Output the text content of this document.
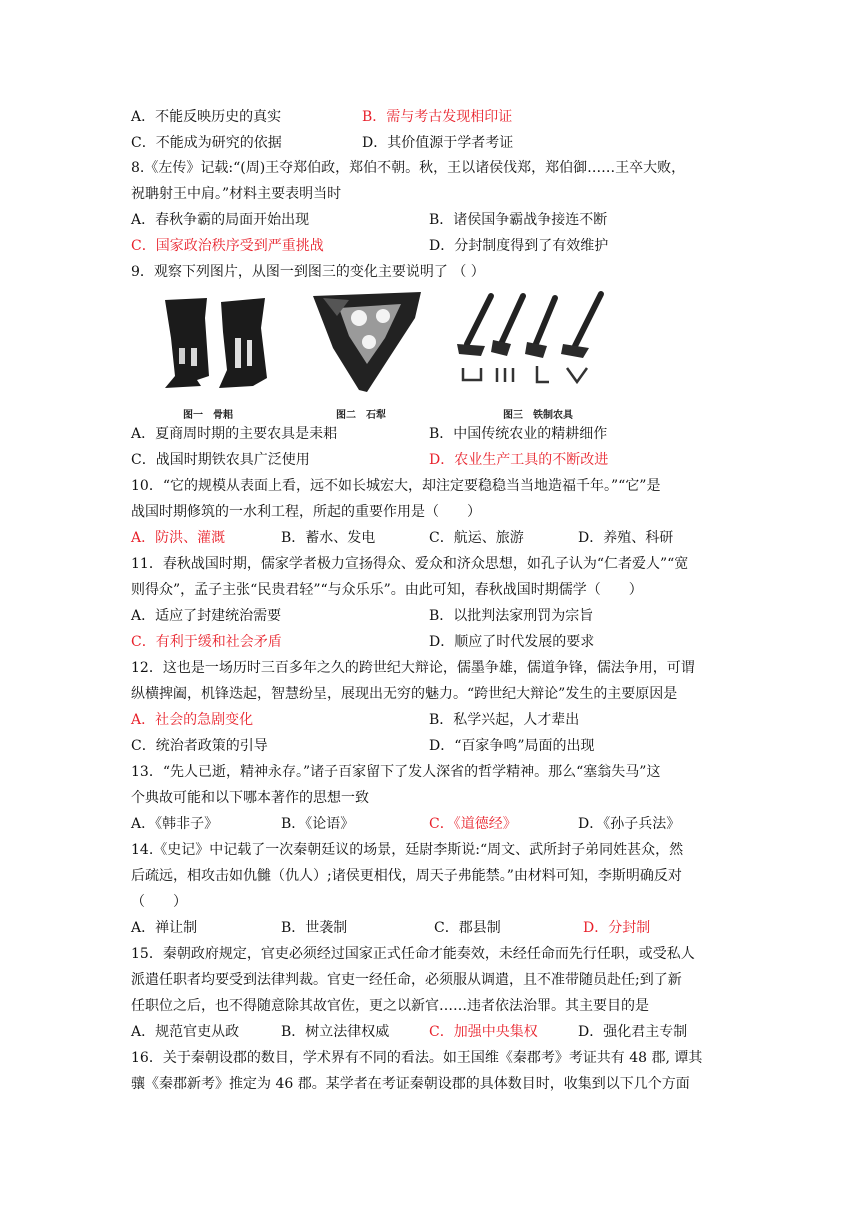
A．不能反映历史的真实	B．需与考古发现相印证
C．不能成为研究的依据	D．其价值源于学者考证
8.《左传》记载:“(周)王夺郑伯政，郑伯不朝。秋，王以诸侯伐郑，郑伯御……王卒大败，
祝聃射王中肩。”材料主要表明当时
A．春秋争霸的局面开始出现	B．诸侯国争霸战争接连不断
C．国家政治秩序受到严重挑战	D．分封制度得到了有效维护
9．观察下列图片，从图一到图三的变化主要说明了 （ ）
图一　骨耜	图二　石犁	图三　铁制农具
A．夏商周时期的主要农具是耒耜	B．中国传统农业的精耕细作
C．战国时期铁农具广泛使用	D．农业生产工具的不断改进
10．“它的规模从表面上看，远不如长城宏大，却注定要稳稳当当地造福千年。”“它”是
战国时期修筑的一水利工程，所起的重要作用是（　　）
A．防洪、灌溉	B．蓄水、发电	C．航运、旅游	D．养殖、科研
11．春秋战国时期，儒家学者极力宣扬得众、爱众和济众思想，如孔子认为“仁者爱人”“宽
则得众”，孟子主张“民贵君轻”“与众乐乐”。由此可知，春秋战国时期儒学（　　）
A．适应了封建统治需要	B．以批判法家刑罚为宗旨
C．有利于缓和社会矛盾	D．顺应了时代发展的要求
12．这也是一场历时三百多年之久的跨世纪大辩论，儒墨争雄，儒道争锋，儒法争用，可谓
纵横捭阖，机锋迭起，智慧纷呈，展现出无穷的魅力。“跨世纪大辩论”发生的主要原因是
A．社会的急剧变化	B．私学兴起，人才辈出
C．统治者政策的引导	D．“百家争鸣”局面的出现
13．“先人已逝，精神永存。”诸子百家留下了发人深省的哲学精神。那么“塞翁失马”这
个典故可能和以下哪本著作的思想一致
A．《韩非子》	B．《论语》	C．《道德经》	D．《孙子兵法》
14.《史记》中记载了一次秦朝廷议的场景，廷尉李斯说:“周文、武所封子弟同姓甚众，然
后疏远，相攻击如仇雠（仇人）;诸侯更相伐，周天子弗能禁。”由材料可知，李斯明确反对
（　　）
A．禅让制	B．世袭制	C．郡县制	D．分封制
15．秦朝政府规定，官吏必须经过国家正式任命才能奏效，未经任命而先行任职，或受私人
派遣任职者均要受到法律判裁。官吏一经任命，必须服从调遣，且不准带随员赴任;到了新
任职位之后，也不得随意除其故官佐，更之以新官……违者依法治罪。其主要目的是
A．规范官吏从政	B．树立法律权威	C．加强中央集权	D．强化君主专制
16．关于秦朝设郡的数目，学术界有不同的看法。如王国维《秦郡考》考证共有 48 郡, 谭其
骧《秦郡新考》推定为 46 郡。某学者在考证秦朝设郡的具体数目时，收集到以下几个方面
